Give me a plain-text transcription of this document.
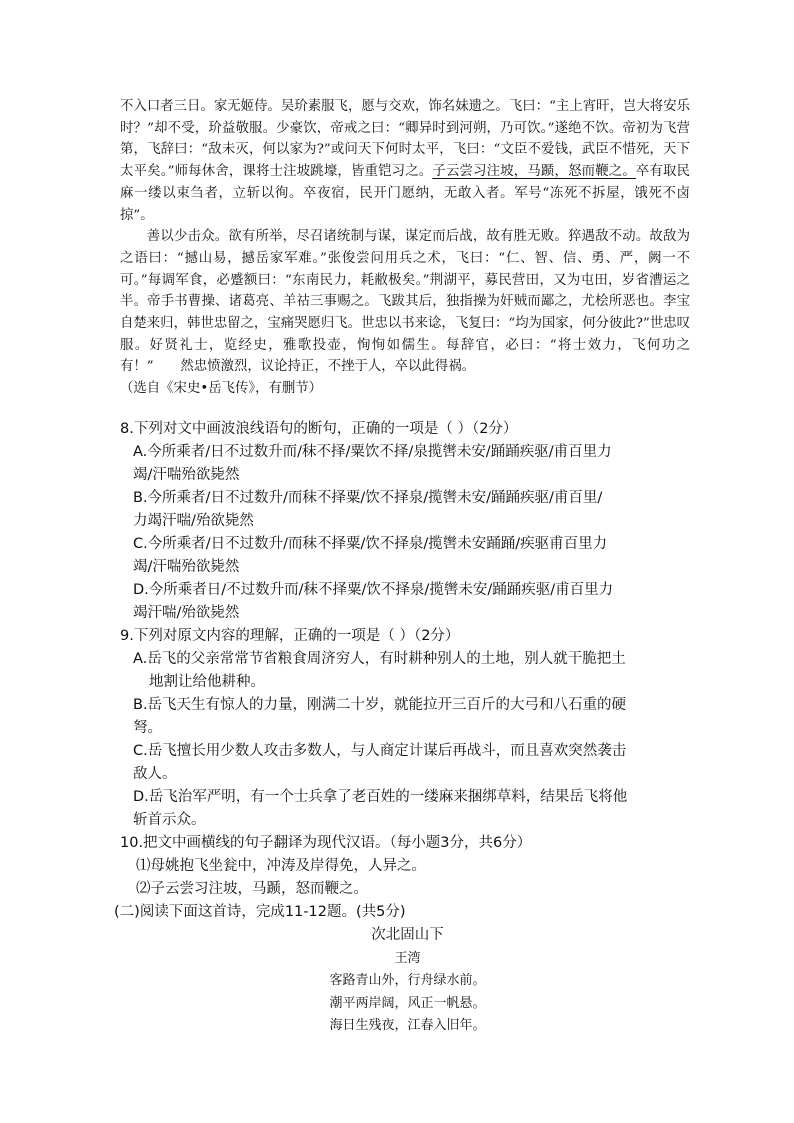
不入口者三日。家无姬侍。吴玠素服飞，愿与交欢，饰名妹遗之。飞曰：“主上宵旰，岂大将安乐时？”却不受，玠益敬服。少豪饮，帝戒之曰：“卿异时到河朔，乃可饮。”遂绝不饮。帝初为飞营第，飞辞曰：“敌未灭，何以家为?”或问天下何时太平，飞曰：“文臣不爱钱，武臣不惜死，天下太平矣。”师每休舍，课将士注坡跳壕，皆重铠习之。子云尝习注坡，马踬，怒而鞭之。卒有取民麻一缕以束刍者，立斩以徇。卒夜宿，民开门愿纳，无敢入者。军号“冻死不拆屋，饿死不卤掠”。

善以少击众。欲有所举，尽召诸统制与谋，谋定而后战，故有胜无败。猝遇敌不动。故敌为之语曰：“撼山易，撼岳家军难。”张俊尝问用兵之术，飞曰：“仁、智、信、勇、严，阙一不可。”每调军食，必蹙额曰：“东南民力，耗敝极矣。”荆湖平，募民营田，又为屯田，岁省漕运之半。帝手书曹操、诸葛亮、羊祜三事赐之。飞跋其后，独指操为奸贼而鄙之，尤桧所恶也。李宝自楚来归，韩世忠留之，宝痛哭愿归飞。世忠以书来谂，飞复曰：“均为国家，何分彼此?”世忠叹服。好贤礼士，览经史，雅歌投壶，恂恂如儒生。每辞官，必曰：“将士效力，飞何功之有！”   然忠愤激烈，议论持正，不挫于人，卒以此得祸。

（选自《宋史•岳飞传》，有删节）

8.下列对文中画波浪线语句的断句，正确的一项是（ ）（2分）

A.今所乘者/日不过数升而/秣不择/粟饮不择/泉揽辔未安/踊踊疾驱/甫百里力
竭/汗喘殆欲毙然

B.今所乘者/日不过数升/而秣不择粟/饮不择泉/揽辔未安/踊踊疾驱/甫百里/
力竭汗喘/殆欲毙然

C.今所乘者/日不过数升/而秣不择粟/饮不择泉/揽辔未安踊踊/疾驱甫百里力
竭/汗喘殆欲毙然

D.今所乘者日/不过数升而/秣不择粟/饮不择泉/揽辔未安/踊踊疾驱/甫百里力
竭汗喘/殆欲毙然

9.下列对原文内容的理解，正确的一项是（ ）（2分）

A.岳飞的父亲常常节省粮食周济穷人，有时耕种别人的土地，别人就干脆把土
地割让给他耕种。

B.岳飞天生有惊人的力量，刚满二十岁，就能拉开三百斤的大弓和八石重的硬
弩。

C.岳飞擅长用少数人攻击多数人，与人商定计谋后再战斗，而且喜欢突然袭击
敌人。

D.岳飞治军严明，有一个士兵拿了老百姓的一缕麻来捆绑草料，结果岳飞将他
斩首示众。

10.把文中画横线的句子翻译为现代汉语。（每小题3分，共6分）

⑴母姚抱飞坐瓮中，冲涛及岸得免，人异之。

⑵子云尝习注坡，马踬，怒而鞭之。

(二)阅读下面这首诗，完成11-12题。(共5分)

次北固山下

王湾

客路青山外，行舟绿水前。

潮平两岸阔，风正一帆悬。

海日生残夜，江春入旧年。
